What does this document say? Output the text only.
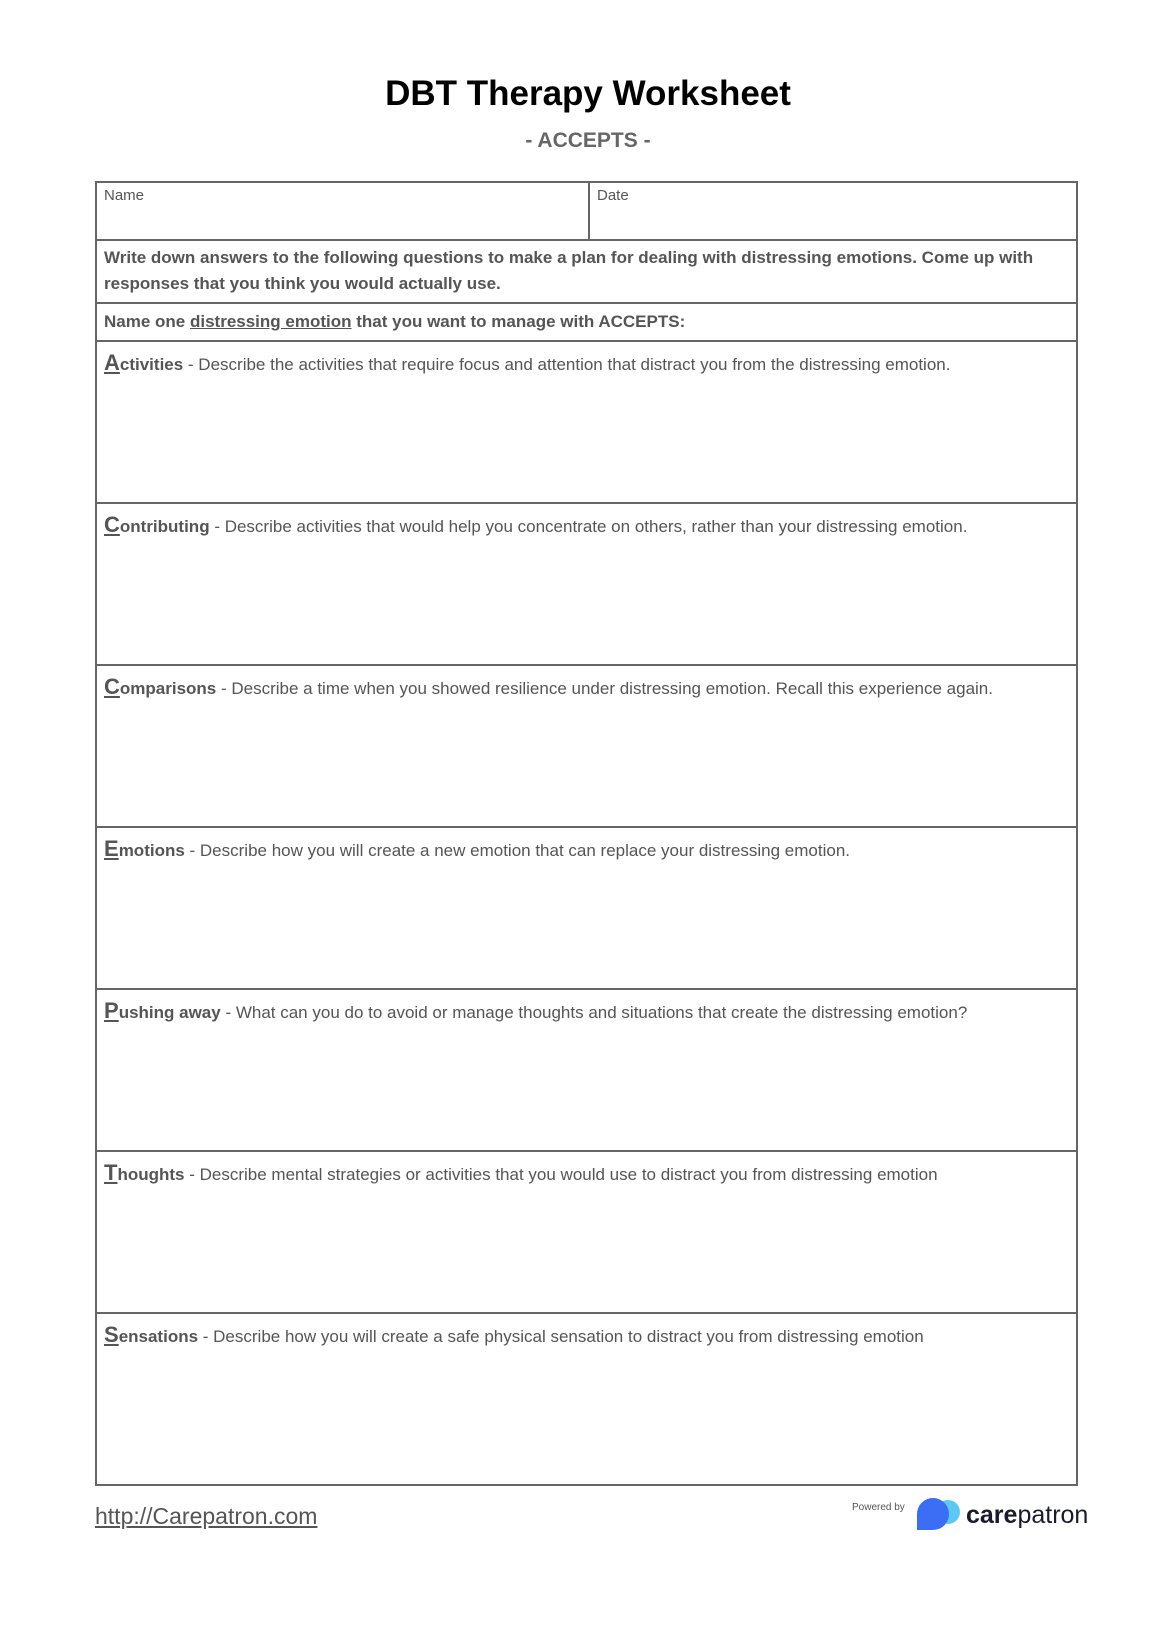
DBT Therapy Worksheet
- ACCEPTS -
Name	Date
Write down answers to the following questions to make a plan for dealing with distressing emotions. Come up with responses that you think you would actually use.
Name one distressing emotion that you want to manage with ACCEPTS:
Activities - Describe the activities that require focus and attention that distract you from the distressing emotion.
Contributing - Describe activities that would help you concentrate on others, rather than your distressing emotion.
Comparisons - Describe a time when you showed resilience under distressing emotion. Recall this experience again.
Emotions - Describe how you will create a new emotion that can replace your distressing emotion.
Pushing away - What can you do to avoid or manage thoughts and situations that create the distressing emotion?
Thoughts - Describe mental strategies or activities that you would use to distract you from distressing emotion
Sensations - Describe how you will create a safe physical sensation to distract you from distressing emotion
http://Carepatron.com	Powered by carepatron
